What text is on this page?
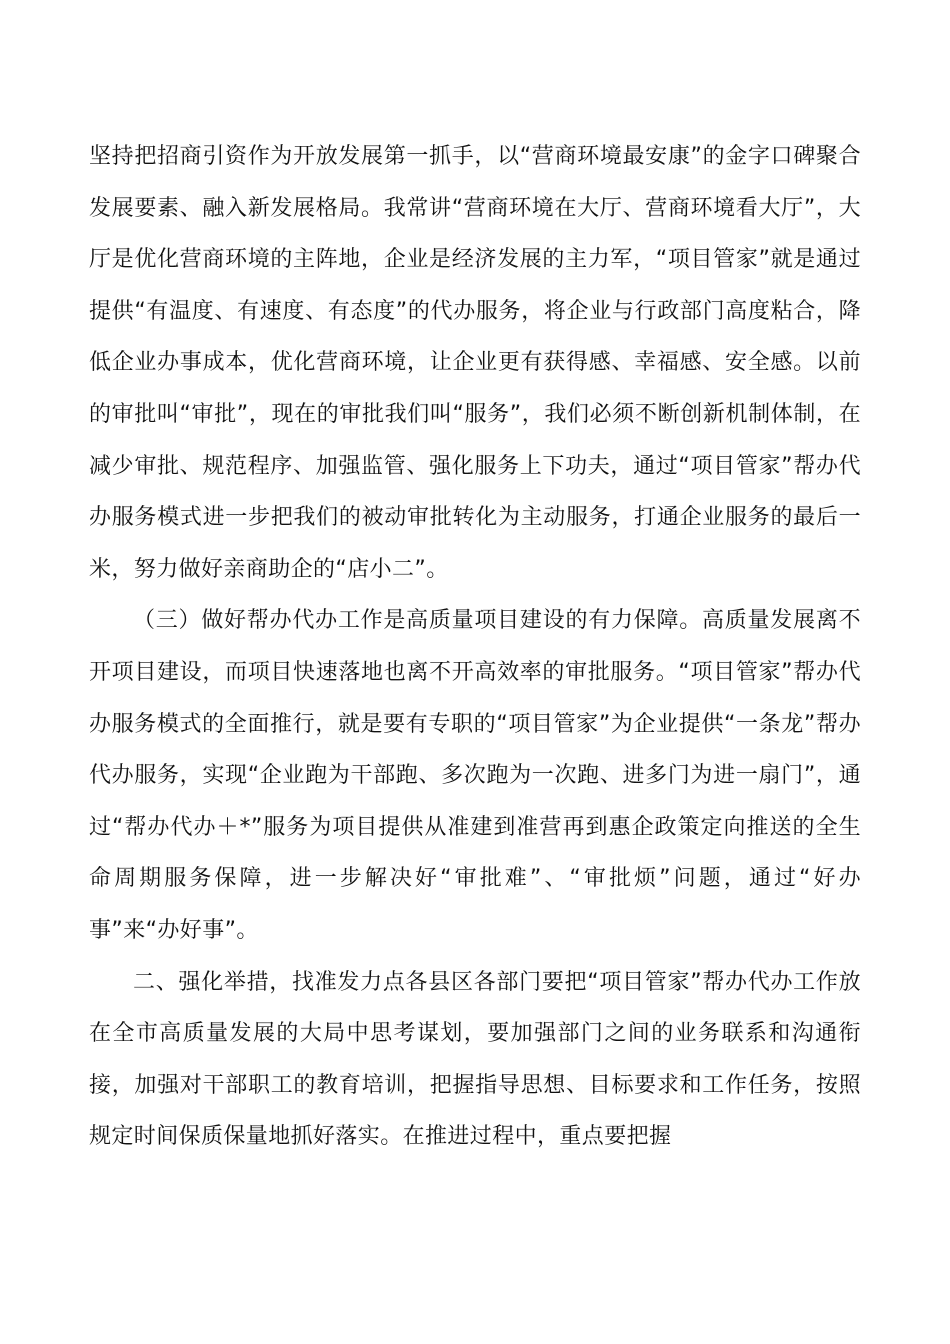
坚持把招商引资作为开放发展第一抓手，以“营商环境最安康”的金字口碑聚合发展要素、融入新发展格局。我常讲“营商环境在大厅、营商环境看大厅”，大厅是优化营商环境的主阵地，企业是经济发展的主力军，“项目管家”就是通过提供“有温度、有速度、有态度”的代办服务，将企业与行政部门高度粘合，降低企业办事成本，优化营商环境，让企业更有获得感、幸福感、安全感。以前的审批叫“审批”，现在的审批我们叫“服务”，我们必须不断创新机制体制，在减少审批、规范程序、加强监管、强化服务上下功夫，通过“项目管家”帮办代办服务模式进一步把我们的被动审批转化为主动服务，打通企业服务的最后一米，努力做好亲商助企的“店小二”。

（三）做好帮办代办工作是高质量项目建设的有力保障。高质量发展离不开项目建设，而项目快速落地也离不开高效率的审批服务。“项目管家”帮办代办服务模式的全面推行，就是要有专职的“项目管家”为企业提供“一条龙”帮办代办服务，实现“企业跑为干部跑、多次跑为一次跑、进多门为进一扇门”，通过“帮办代办＋*”服务为项目提供从准建到准营再到惠企政策定向推送的全生命周期服务保障，进一步解决好“审批难”、“审批烦”问题，通过“好办事”来“办好事”。

二、强化举措，找准发力点各县区各部门要把“项目管家”帮办代办工作放在全市高质量发展的大局中思考谋划，要加强部门之间的业务联系和沟通衔接，加强对干部职工的教育培训，把握指导思想、目标要求和工作任务，按照规定时间保质保量地抓好落实。在推进过程中，重点要把握
